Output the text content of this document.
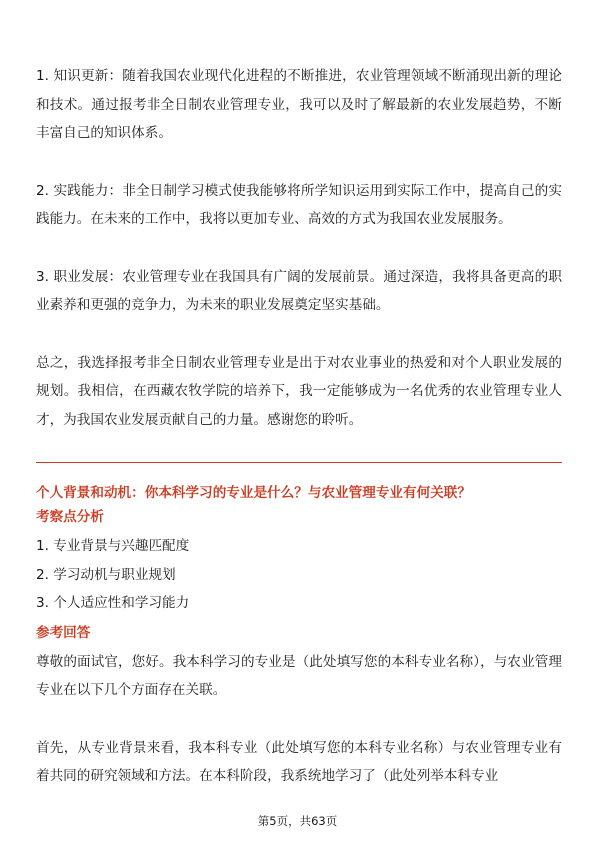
1. 知识更新：随着我国农业现代化进程的不断推进，农业管理领域不断涌现出新的理论和技术。通过报考非全日制农业管理专业，我可以及时了解最新的农业发展趋势，不断丰富自己的知识体系。

2. 实践能力：非全日制学习模式使我能够将所学知识运用到实际工作中，提高自己的实践能力。在未来的工作中，我将以更加专业、高效的方式为我国农业发展服务。

3. 职业发展：农业管理专业在我国具有广阔的发展前景。通过深造，我将具备更高的职业素养和更强的竞争力，为未来的职业发展奠定坚实基础。

总之，我选择报考非全日制农业管理专业是出于对农业事业的热爱和对个人职业发展的规划。我相信，在西藏农牧学院的培养下，我一定能够成为一名优秀的农业管理专业人才，为我国农业发展贡献自己的力量。感谢您的聆听。

个人背景和动机：你本科学习的专业是什么？与农业管理专业有何关联？

考察点分析

1. 专业背景与兴趣匹配度

2. 学习动机与职业规划

3. 个人适应性和学习能力

参考回答

尊敬的面试官，您好。我本科学习的专业是（此处填写您的本科专业名称），与农业管理专业在以下几个方面存在关联。

首先，从专业背景来看，我本科专业（此处填写您的本科专业名称）与农业管理专业有着共同的研究领域和方法。在本科阶段，我系统地学习了（此处列举本科专业

第5页，共63页
